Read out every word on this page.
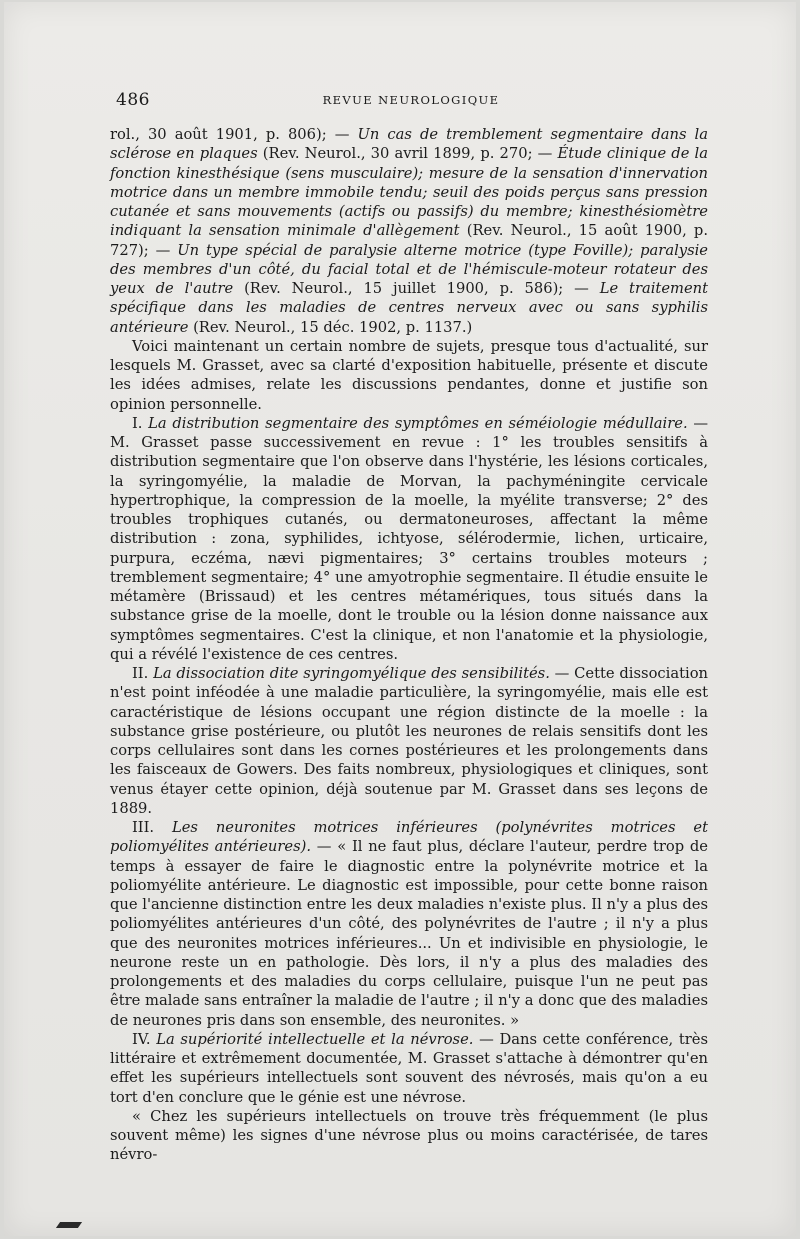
486	REVUE NEUROLOGIQUE

rol., 30 août 1901, p. 806); — Un cas de tremblement segmentaire dans la sclérose en plaques (Rev. Neurol., 30 avril 1899, p. 270; — Étude clinique de la fonction kinesthésique (sens musculaire); mesure de la sensation d'innervation motrice dans un membre immobile tendu; seuil des poids perçus sans pression cutanée et sans mouvements (actifs ou passifs) du membre; kinesthésiomètre indiquant la sensation minimale d'allègement (Rev. Neurol., 15 août 1900, p. 727); — Un type spécial de paralysie alterne motrice (type Foville); paralysie des membres d'un côté, du facial total et de l'hémiscule-moteur rotateur des yeux de l'autre (Rev. Neurol., 15 juillet 1900, p. 586); — Le traitement spécifique dans les maladies de centres nerveux avec ou sans syphilis antérieure (Rev. Neurol., 15 déc. 1902, p. 1137.)

Voici maintenant un certain nombre de sujets, presque tous d'actualité, sur lesquels M. Grasset, avec sa clarté d'exposition habituelle, présente et discute les idées admises, relate les discussions pendantes, donne et justifie son opinion personnelle.

I. La distribution segmentaire des symptômes en séméiologie médullaire. — M. Grasset passe successivement en revue : 1° les troubles sensitifs à distribution segmentaire que l'on observe dans l'hystérie, les lésions corticales, la syringomyélie, la maladie de Morvan, la pachyméningite cervicale hypertrophique, la compression de la moelle, la myélite transverse; 2° des troubles trophiques cutanés, ou dermatoneuroses, affectant la même distribution : zona, syphilides, ichtyose, sélérodermie, lichen, urticaire, purpura, eczéma, nævi pigmentaires; 3° certains troubles moteurs ; tremblement segmentaire; 4° une amyotrophie segmentaire. Il étudie ensuite le métamère (Brissaud) et les centres métamériques, tous situés dans la substance grise de la moelle, dont le trouble ou la lésion donne naissance aux symptômes segmentaires. C'est la clinique, et non l'anatomie et la physiologie, qui a révélé l'existence de ces centres.

II. La dissociation dite syringomyélique des sensibilités. — Cette dissociation n'est point inféodée à une maladie particulière, la syringomyélie, mais elle est caractéristique de lésions occupant une région distincte de la moelle : la substance grise postérieure, ou plutôt les neurones de relais sensitifs dont les corps cellulaires sont dans les cornes postérieures et les prolongements dans les faisceaux de Gowers. Des faits nombreux, physiologiques et cliniques, sont venus étayer cette opinion, déjà soutenue par M. Grasset dans ses leçons de 1889.

III. Les neuronites motrices inférieures (polynévrites motrices et poliomyélites antérieures). — « Il ne faut plus, déclare l'auteur, perdre trop de temps à essayer de faire le diagnostic entre la polynévrite motrice et la poliomyélite antérieure. Le diagnostic est impossible, pour cette bonne raison que l'ancienne distinction entre les deux maladies n'existe plus. Il n'y a plus des poliomyélites antérieures d'un côté, des polynévrites de l'autre ; il n'y a plus que des neuronites motrices inférieures... Un et indivisible en physiologie, le neurone reste un en pathologie. Dès lors, il n'y a plus des maladies des prolongements et des maladies du corps cellulaire, puisque l'un ne peut pas être malade sans entraîner la maladie de l'autre ; il n'y a donc que des maladies de neurones pris dans son ensemble, des neuronites. »

IV. La supériorité intellectuelle et la névrose. — Dans cette conférence, très littéraire et extrêmement documentée, M. Grasset s'attache à démontrer qu'en effet les supérieurs intellectuels sont souvent des névrosés, mais qu'on a eu tort d'en conclure que le génie est une névrose.

« Chez les supérieurs intellectuels on trouve très fréquemment (le plus souvent même) les signes d'une névrose plus ou moins caractérisée, de tares névro-
